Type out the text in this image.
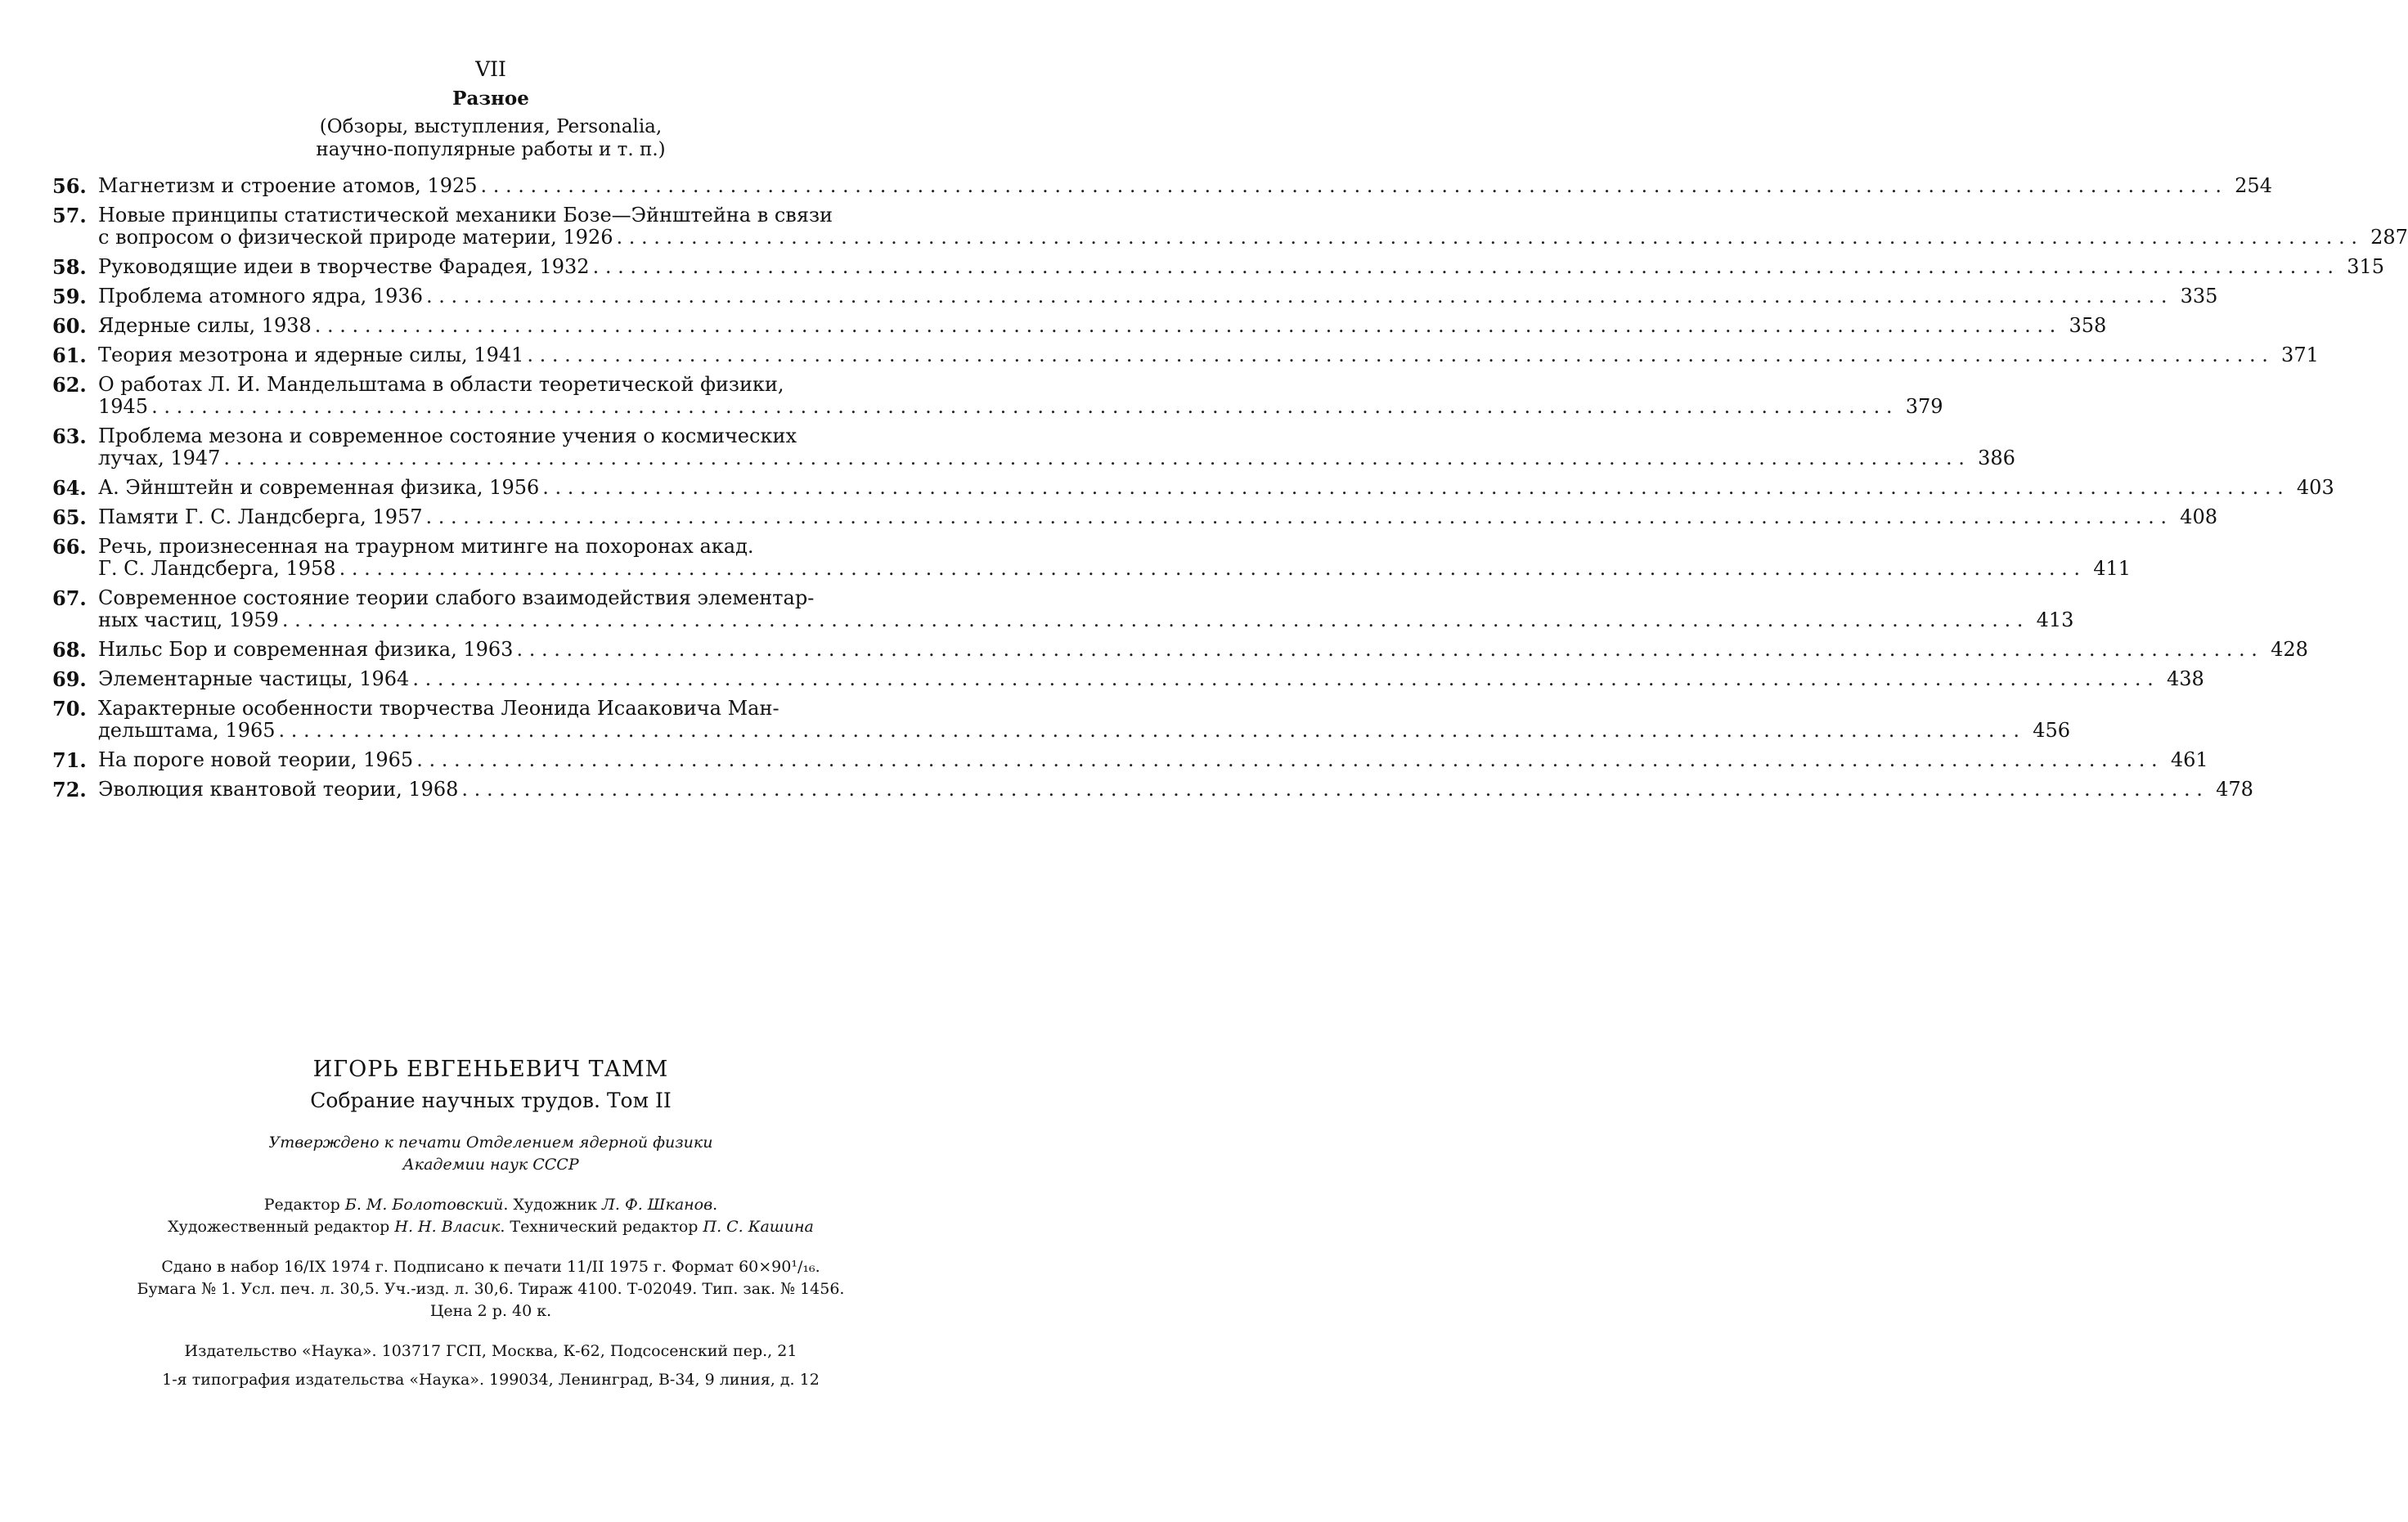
VII
Разное
(Обзоры, выступления, Personalia,
научно-популярные работы и т. п.)
56. Магнетизм и строение атомов, 1925 . . .	254
57. Новые принципы статистической механики Бозе—Эйнштейна в связи
с вопросом о физической природе материи, 1926 . . .	287
58. Руководящие идеи в творчестве Фарадея, 1932 . . .	315
59. Проблема атомного ядра, 1936 . . .	335
60. Ядерные силы, 1938 . . .	358
61. Теория мезотрона и ядерные силы, 1941 . . .	371
62. О работах Л. И. Мандельштама в области теоретической физики,
1945 . . .	379
63. Проблема мезона и современное состояние учения о космических
лучах, 1947 . . .	386
64. А. Эйнштейн и современная физика, 1956 . . .	403
65. Памяти Г. С. Ландсберга, 1957 . . .	408
66. Речь, произнесенная на траурном митинге на похоронах акад.
Г. С. Ландсберга, 1958 . . .	411
67. Современное состояние теории слабого взаимодействия элементар-
ных частиц, 1959 . . .	413
68. Нильс Бор и современная физика, 1963 . . .	428
69. Элементарные частицы, 1964 . . .	438
70. Характерные особенности творчества Леонида Исааковича Ман-
дельштама, 1965 . . .	456
71. На пороге новой теории, 1965 . . .	461
72. Эволюция квантовой теории, 1968 . . .	478
ИГОРЬ ЕВГЕНЬЕВИЧ ТАММ
Собрание научных трудов. Том II
Утверждено к печати Отделением ядерной физики
Академии наук СССР
Редактор Б. М. Болотовский. Художник Л. Ф. Шканов.
Художественный редактор Н. Н. Власик. Технический редактор П. С. Кашина
Сдано в набор 16/IX 1974 г. Подписано к печати 11/II 1975 г. Формат 60×90¹/₁₆.
Бумага № 1. Усл. печ. л. 30,5. Уч.-изд. л. 30,6. Тираж 4100. Т-02049. Тип. зак. № 1456.
Цена 2 р. 40 к.
Издательство «Наука». 103717 ГСП, Москва, К-62, Подсосенский пер., 21
1-я типография издательства «Наука». 199034, Ленинград, В-34, 9 линия, д. 12
